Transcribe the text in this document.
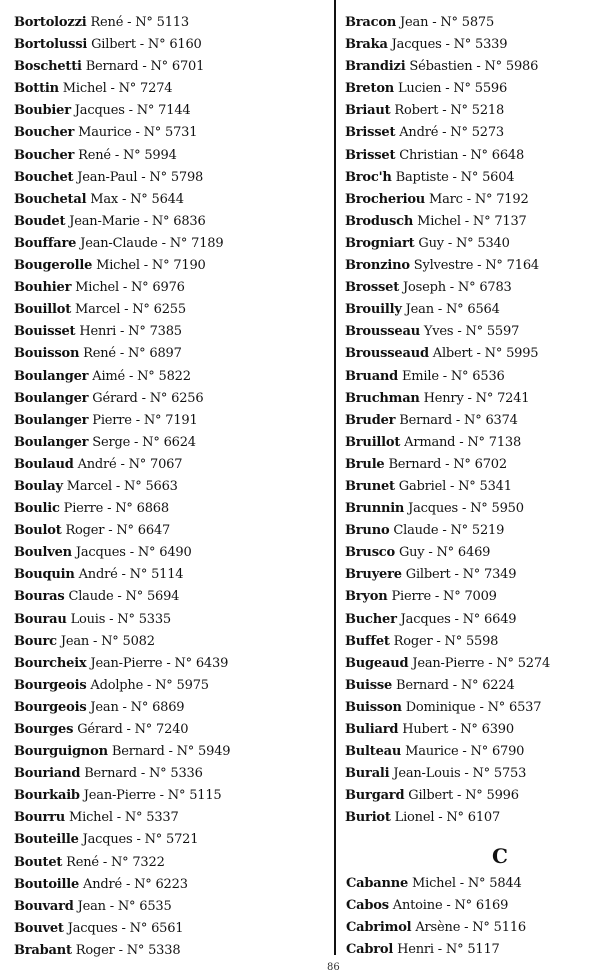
Bortolozzi René - N° 5113
Bortolussi Gilbert - N° 6160
Boschetti Bernard - N° 6701
Bottin Michel - N° 7274
Boubier Jacques - N° 7144
Boucher Maurice - N° 5731
Boucher René - N° 5994
Bouchet Jean-Paul - N° 5798
Bouchetal Max - N° 5644
Boudet Jean-Marie - N° 6836
Bouffare Jean-Claude - N° 7189
Bougerolle Michel - N° 7190
Bouhier Michel - N° 6976
Bouillot Marcel - N° 6255
Bouisset Henri - N° 7385
Bouisson René - N° 6897
Boulanger Aimé - N° 5822
Boulanger Gérard - N° 6256
Boulanger Pierre - N° 7191
Boulanger Serge - N° 6624
Boulaud André - N° 7067
Boulay Marcel - N° 5663
Boulic Pierre - N° 6868
Boulot Roger - N° 6647
Boulven Jacques - N° 6490
Bouquin André - N° 5114
Bouras Claude - N° 5694
Bourau Louis - N° 5335
Bourc Jean - N° 5082
Bourcheix Jean-Pierre - N° 6439
Bourgeois Adolphe - N° 5975
Bourgeois Jean - N° 6869
Bourges Gérard - N° 7240
Bourguignon Bernard - N° 5949
Bouriand Bernard - N° 5336
Bourkaib Jean-Pierre - N° 5115
Bourru Michel - N° 5337
Bouteille Jacques - N° 5721
Boutet René - N° 7322
Boutoille André - N° 6223
Bouvard Jean - N° 6535
Bouvet Jacques - N° 6561
Brabant Roger - N° 5338
Bracon Jean - N° 5875
Braka Jacques - N° 5339
Brandizi Sébastien - N° 5986
Breton Lucien - N° 5596
Briaut Robert - N° 5218
Brisset André - N° 5273
Brisset Christian - N° 6648
Broc'h Baptiste - N° 5604
Brocheriou Marc - N° 7192
Brodusch Michel - N° 7137
Brogniart Guy - N° 5340
Bronzino Sylvestre - N° 7164
Brosset Joseph - N° 6783
Brouilly Jean - N° 6564
Brousseau Yves - N° 5597
Brousseaud Albert - N° 5995
Bruand Emile - N° 6536
Bruchman Henry - N° 7241
Bruder Bernard - N° 6374
Bruillot Armand - N° 7138
Brule Bernard - N° 6702
Brunet Gabriel - N° 5341
Brunnin Jacques - N° 5950
Bruno Claude - N° 5219
Brusco Guy - N° 6469
Bruyere Gilbert - N° 7349
Bryon Pierre - N° 7009
Bucher Jacques - N° 6649
Buffet Roger - N° 5598
Bugeaud Jean-Pierre - N° 5274
Buisse Bernard - N° 6224
Buisson Dominique - N° 6537
Buliard Hubert - N° 6390
Bulteau Maurice - N° 6790
Burali Jean-Louis - N° 5753
Burgard Gilbert - N° 5996
Buriot Lionel - N° 6107
C
Cabanne Michel - N° 5844
Cabos Antoine - N° 6169
Cabrimol Arsène - N° 5116
Cabrol Henri - N° 5117
86
